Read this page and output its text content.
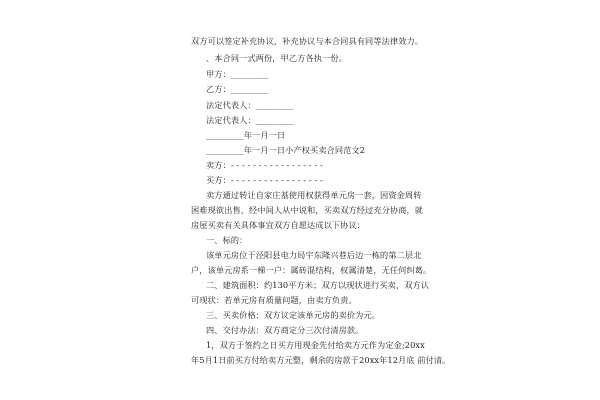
双方可以签定补充协议，补充协议与本合同具有同等法律效力。
、本合同一式两份，甲乙方各执一份。
甲方：_________
乙方：_________
法定代表人：_________
法定代表人：_________
_________年一月一日
_________年一月一日小产权买卖合同范文2
卖方：- - - - - - - - - - - - - - - - -
买方：- - - - - - - - - - - - - - - - -
卖方通过转让自家庄基使用权获得单元房一套，因资金周转
困难现欲出售，经中间人从中说和，买卖双方经过充分协商，就
房屋买卖有关具体事宜双方自愿达成以下协议：
一、标的：
该单元房位于泾阳县电力局宇东隆兴巷后边一栋的第二层北
户，该单元房系一梯一户：属砖混结构，权属清楚，无任何纠葛。
二、建筑面积：约130平方米；双方以现状进行买卖，双方认
可现状：若单元房有质量问题，由卖方负责。
三、买卖价格：双方议定该单元房的卖价为元。
四、交付办法：双方商定分三次付清房款。
1，双方于签约之日买方用现金先付给卖方元作为定金;20xx
年5月1日前买方付给卖方元整，剩余的房款于20xx年12月底 前付清。
